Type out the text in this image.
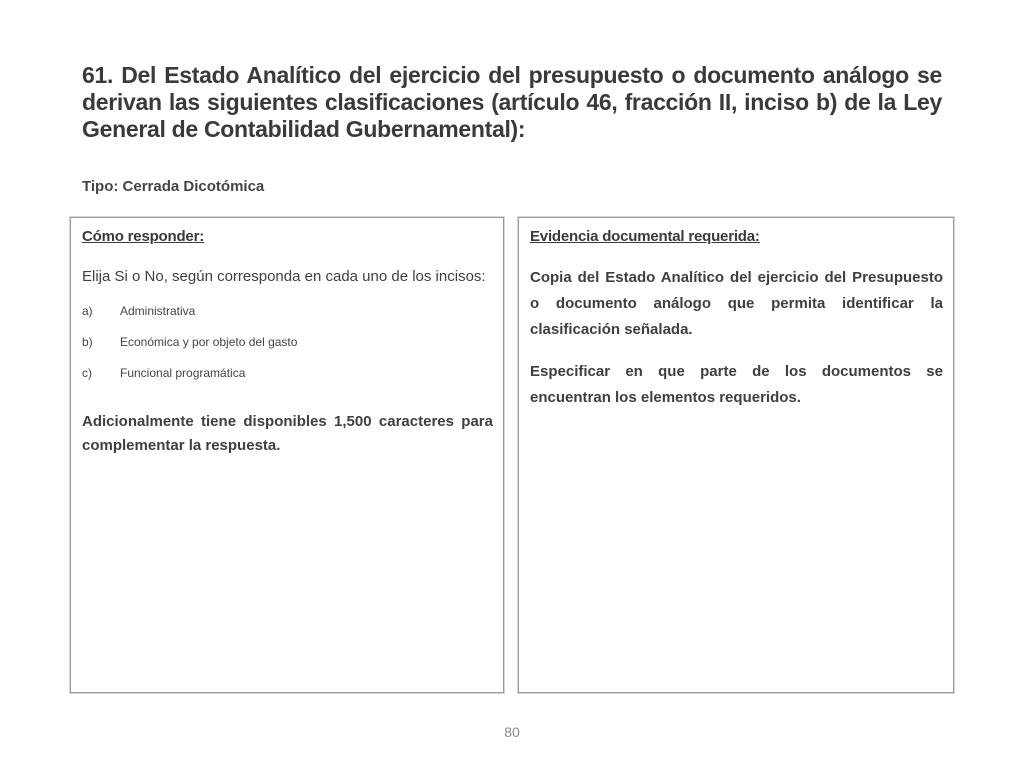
61. Del Estado Analítico del ejercicio del presupuesto o documento análogo se derivan las siguientes clasificaciones (artículo 46, fracción II, inciso b) de la Ley General de Contabilidad Gubernamental):

Tipo: Cerrada Dicotómica

Cómo responder:

Elija Si o No, según corresponda en cada uno de los incisos:

a)	Administrativa
b)	Económica y por objeto del gasto
c)	Funcional programática

Adicionalmente tiene disponibles 1,500 caracteres para complementar la respuesta.

Evidencia documental requerida:

Copia del Estado Analítico del ejercicio del Presupuesto o documento análogo que permita identificar la clasificación señalada.

Especificar en que parte de los documentos se encuentran los elementos requeridos.

80
